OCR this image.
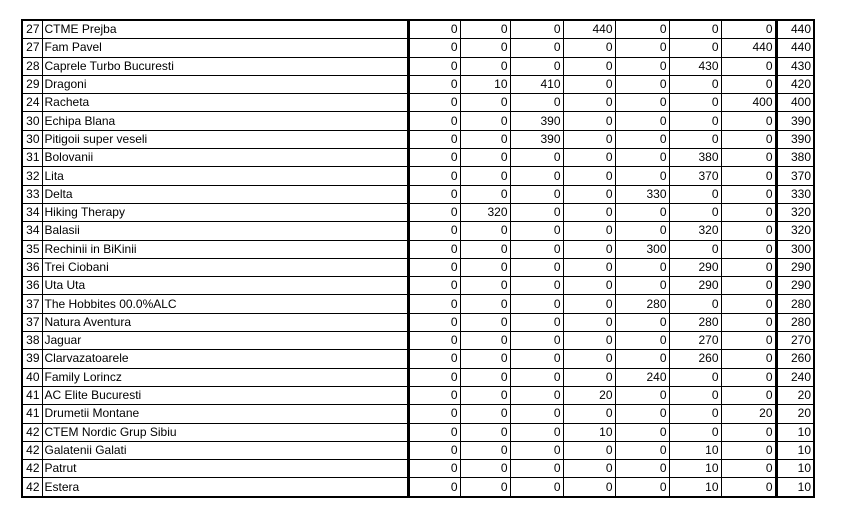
27	CTME Prejba	0	0	0	440	0	0	0	440
27	Fam Pavel	0	0	0	0	0	0	440	440
28	Caprele Turbo Bucuresti	0	0	0	0	0	430	0	430
29	Dragoni	0	10	410	0	0	0	0	420
24	Racheta	0	0	0	0	0	0	400	400
30	Echipa Blana	0	0	390	0	0	0	0	390
30	Pitigoii super veseli	0	0	390	0	0	0	0	390
31	Bolovanii	0	0	0	0	0	380	0	380
32	Lita	0	0	0	0	0	370	0	370
33	Delta	0	0	0	0	330	0	0	330
34	Hiking Therapy	0	320	0	0	0	0	0	320
34	Balasii	0	0	0	0	0	320	0	320
35	Rechinii in BiKinii	0	0	0	0	300	0	0	300
36	Trei Ciobani	0	0	0	0	0	290	0	290
36	Uta Uta	0	0	0	0	0	290	0	290
37	The Hobbites 00.0%ALC	0	0	0	0	280	0	0	280
37	Natura Aventura	0	0	0	0	0	280	0	280
38	Jaguar	0	0	0	0	0	270	0	270
39	Clarvazatoarele	0	0	0	0	0	260	0	260
40	Family Lorincz	0	0	0	0	240	0	0	240
41	AC Elite Bucuresti	0	0	0	20	0	0	0	20
41	Drumetii Montane	0	0	0	0	0	0	20	20
42	CTEM Nordic Grup Sibiu	0	0	0	10	0	0	0	10
42	Galatenii Galati	0	0	0	0	0	10	0	10
42	Patrut	0	0	0	0	0	10	0	10
42	Estera	0	0	0	0	0	10	0	10
